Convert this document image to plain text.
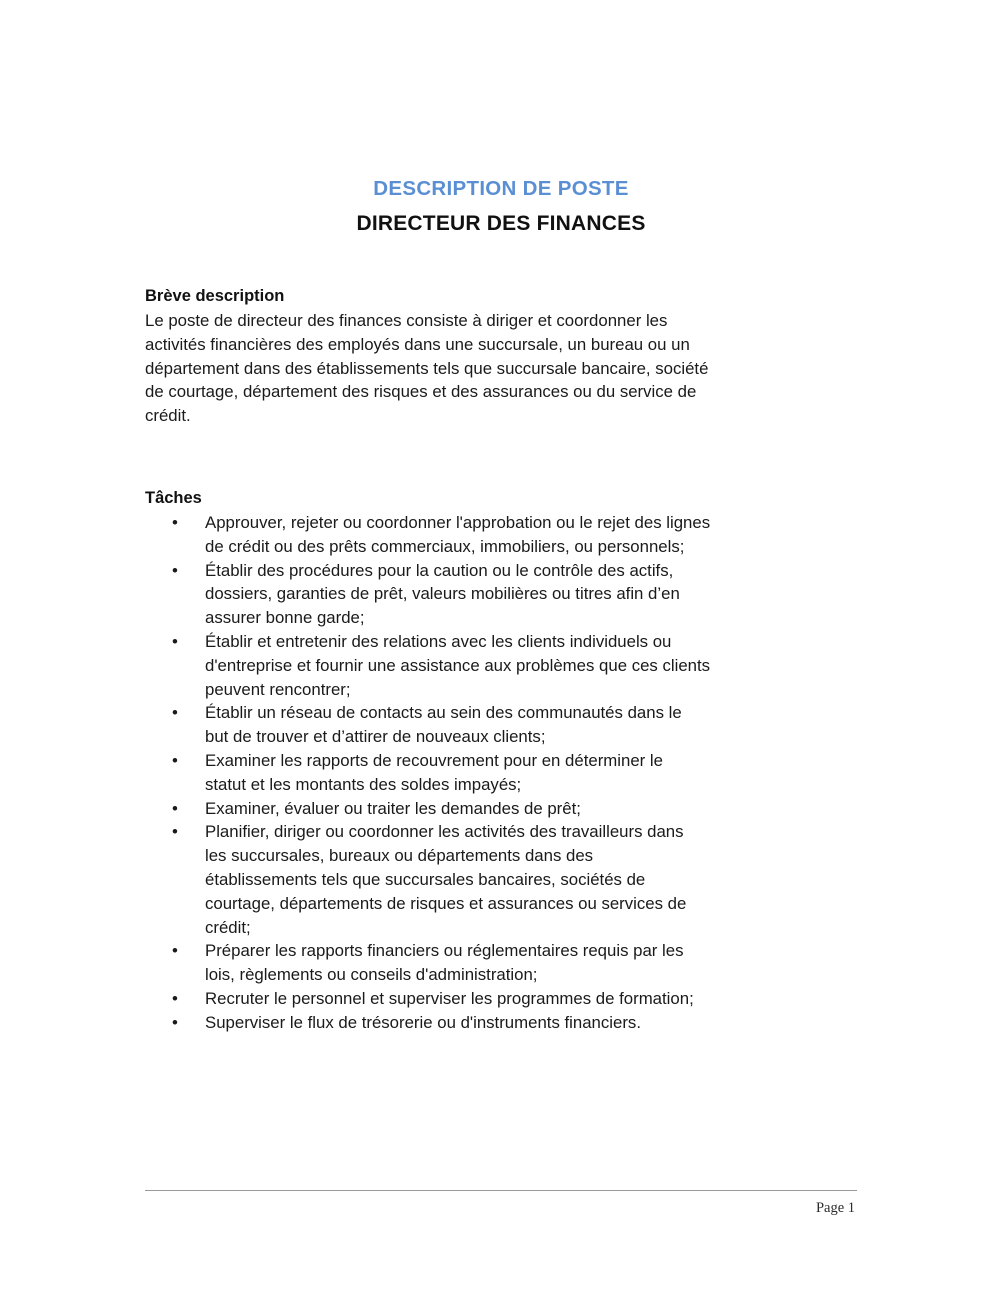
DESCRIPTION DE POSTE
DIRECTEUR DES FINANCES
Brève description

Le poste de directeur des finances consiste à diriger et coordonner les activités financières des employés dans une succursale, un bureau ou un département dans des établissements tels que succursale bancaire, société de courtage, département des risques et des assurances ou du service de crédit.

Tâches
• Approuver, rejeter ou coordonner l'approbation ou le rejet des lignes de crédit ou des prêts commerciaux, immobiliers, ou personnels;
• Établir des procédures pour la caution ou le contrôle des actifs, dossiers, garanties de prêt, valeurs mobilières ou titres afin d’en assurer bonne garde;
• Établir et entretenir des relations avec les clients individuels ou d'entreprise et fournir une assistance aux problèmes que ces clients peuvent rencontrer;
• Établir un réseau de contacts au sein des communautés dans le but de trouver et d’attirer de nouveaux clients;
• Examiner les rapports de recouvrement pour en déterminer le statut et les montants des soldes impayés;
• Examiner, évaluer ou traiter les demandes de prêt;
• Planifier, diriger ou coordonner les activités des travailleurs dans les succursales, bureaux ou départements dans des établissements tels que succursales bancaires, sociétés de courtage, départements de risques et assurances ou services de crédit;
• Préparer les rapports financiers ou réglementaires requis par les lois, règlements ou conseils d'administration;
• Recruter le personnel et superviser les programmes de formation;
• Superviser le flux de trésorerie ou d'instruments financiers.
Page 1
